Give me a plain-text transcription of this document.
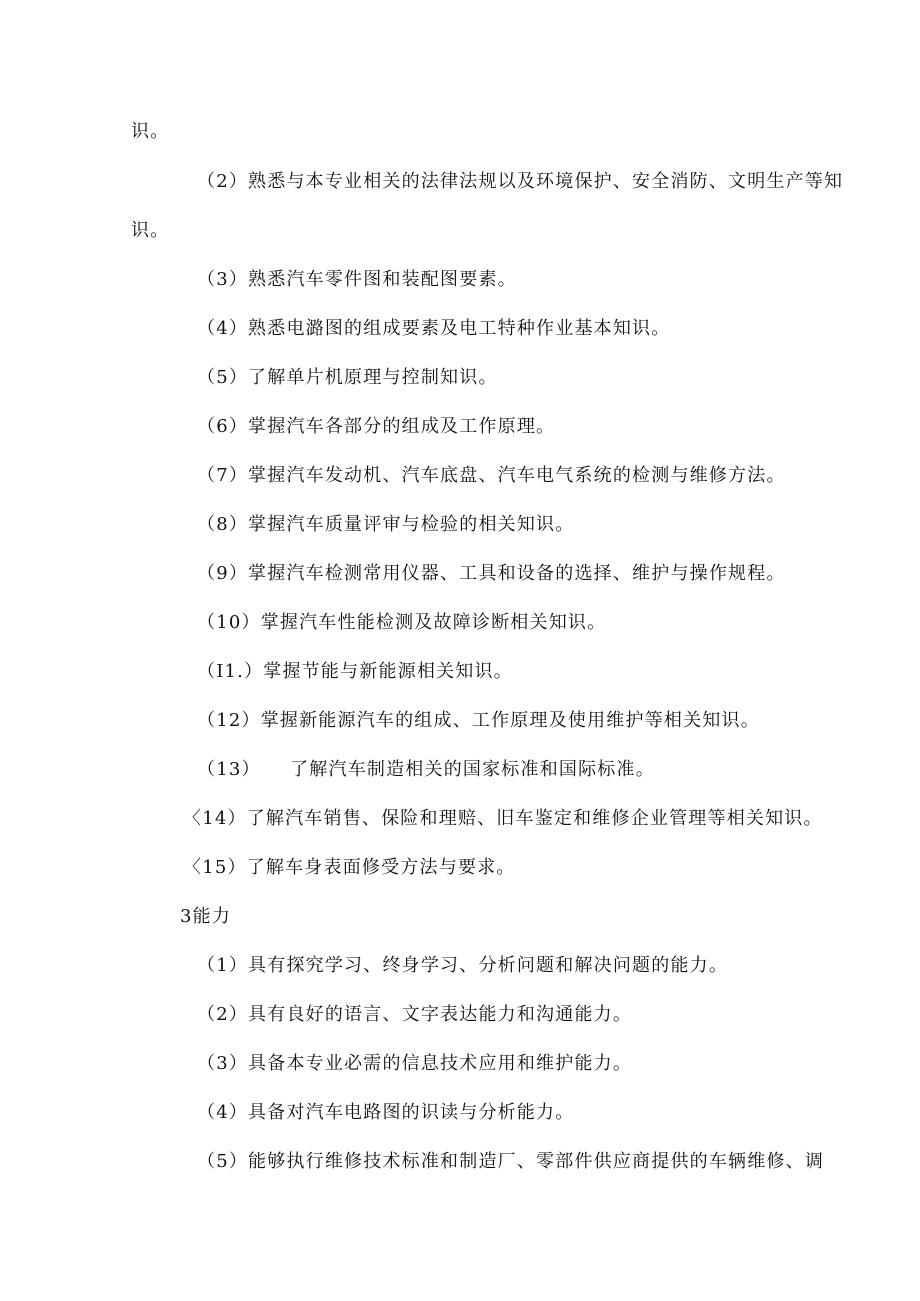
识。
（2）熟悉与本专业相关的法律法规以及环境保护、安全消防、文明生产等知
识。
（3）熟悉汽车零件图和装配图要素。
（4）熟悉电潞图的组成要素及电工特种作业基本知识。
（5）了解单片机原理与控制知识。
（6）掌握汽车各部分的组成及工作原理。
（7）掌握汽车发动机、汽车底盘、汽车电气系统的检测与维修方法。
（8）掌握汽车质量评审与检验的相关知识。
（9）掌握汽车检测常用仪器、工具和设备的选择、维护与操作规程。
（10）掌握汽车性能检测及故障诊断相关知识。
（I1.）掌握节能与新能源相关知识。
（12）掌握新能源汽车的组成、工作原理及使用维护等相关知识。
（13）　　了解汽车制造相关的国家标准和国际标准。
〈14）了解汽车销售、保险和理赔、旧车鉴定和维修企业管理等相关知识。
〈15）了解车身表面修受方法与要求。
3能力
（1）具有探究学习、终身学习、分析问题和解决问题的能力。
（2）具有良好的语言、文字表达能力和沟通能力。
（3）具备本专业必需的信息技术应用和维护能力。
（4）具备对汽车电路图的识读与分析能力。
（5）能够执行维修技术标准和制造厂、零部件供应商提供的车辆维修、调
